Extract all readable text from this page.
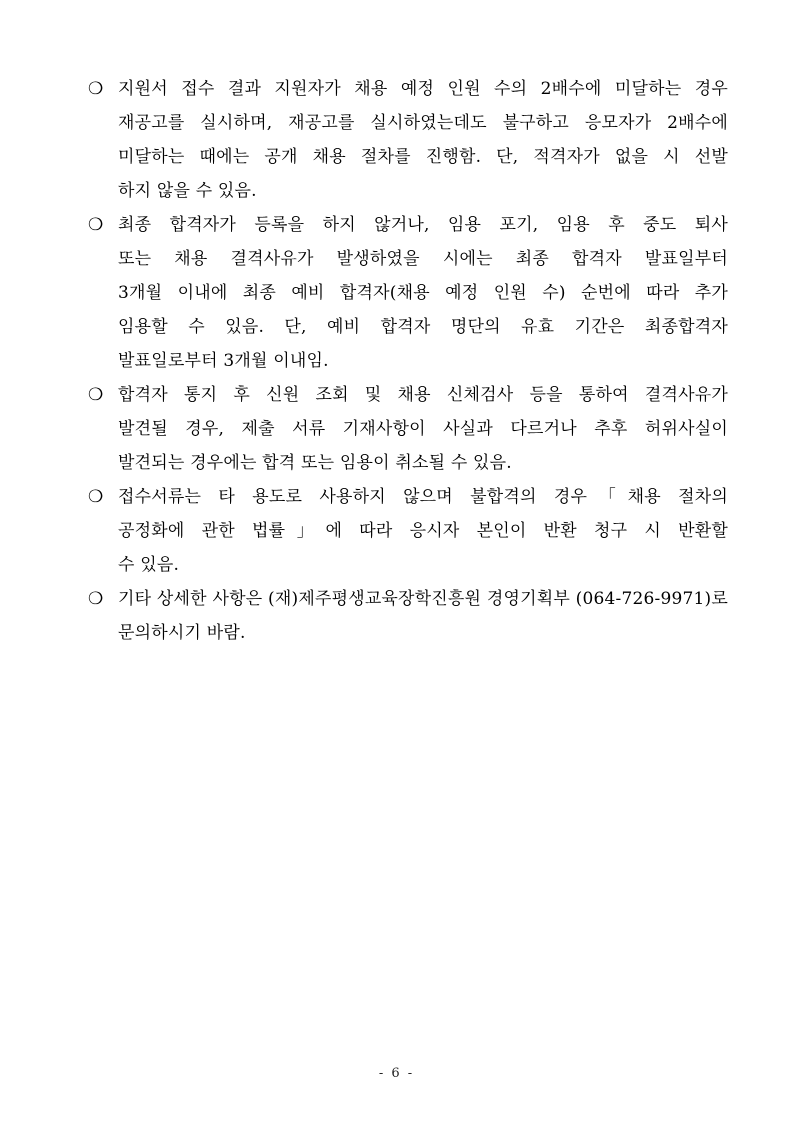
❍ 지원서 접수 결과 지원자가 채용 예정 인원 수의 2배수에 미달하는 경우
재공고를 실시하며, 재공고를 실시하였는데도 불구하고 응모자가 2배수에
미달하는 때에는 공개 채용 절차를 진행함. 단, 적격자가 없을 시 선발
하지 않을 수 있음.
❍ 최종 합격자가 등록을 하지 않거나, 임용 포기, 임용 후 중도 퇴사
또는 채용 결격사유가 발생하였을 시에는 최종 합격자 발표일부터
3개월 이내에 최종 예비 합격자(채용 예정 인원 수) 순번에 따라 추가
임용할 수 있음. 단, 예비 합격자 명단의 유효 기간은 최종합격자
발표일로부터 3개월 이내임.
❍ 합격자 통지 후 신원 조회 및 채용 신체검사 등을 통하여 결격사유가
발견될 경우, 제출 서류 기재사항이 사실과 다르거나 추후 허위사실이
발견되는 경우에는 합격 또는 임용이 취소될 수 있음.
❍ 접수서류는 타 용도로 사용하지 않으며 불합격의 경우「채용 절차의
공정화에 관한 법률」에 따라 응시자 본인이 반환 청구 시 반환할
수 있음.
❍ 기타 상세한 사항은 (재)제주평생교육장학진흥원 경영기획부 (064-726-9971)로
문의하시기 바람.
- 6 -
